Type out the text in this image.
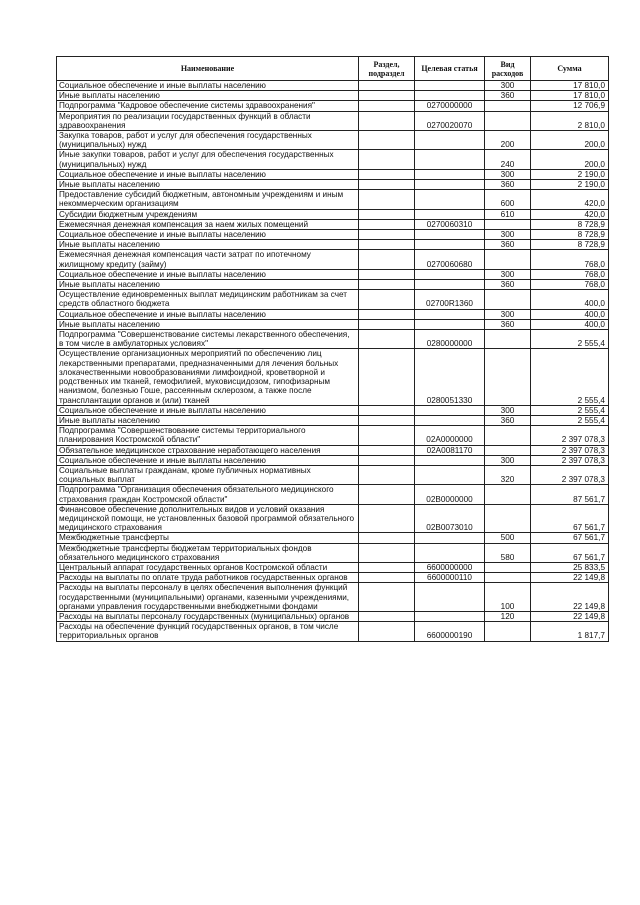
Наименование	Раздел, подраздел	Целевая статья	Вид расходов	Сумма
Социальное обеспечение и иные выплаты населению			300	17 810,0
Иные выплаты населению			360	17 810,0
Подпрограмма "Кадровое обеспечение системы здравоохранения"		0270000000		12 706,9
Мероприятия по реализации государственных функций в области здравоохранения		0270020070		2 810,0
Закупка товаров, работ и услуг для обеспечения государственных (муниципальных) нужд			200	200,0
Иные закупки товаров, работ и услуг для обеспечения государственных (муниципальных) нужд			240	200,0
Социальное обеспечение и иные выплаты населению			300	2 190,0
Иные выплаты населению			360	2 190,0
Предоставление субсидий бюджетным, автономным учреждениям и иным некоммерческим организациям			600	420,0
Субсидии бюджетным учреждениям			610	420,0
Ежемесячная денежная компенсация за наем жилых помещений		0270060310		8 728,9
Социальное обеспечение и иные выплаты населению			300	8 728,9
Иные выплаты населению			360	8 728,9
Ежемесячная денежная компенсация части затрат по ипотечному жилищному кредиту (займу)		0270060680		768,0
Социальное обеспечение и иные выплаты населению			300	768,0
Иные выплаты населению			360	768,0
Осуществление единовременных выплат медицинским работникам за счет средств областного бюджета		02700R1360		400,0
Социальное обеспечение и иные выплаты населению			300	400,0
Иные выплаты населению			360	400,0
Подпрограмма "Совершенствование системы лекарственного обеспечения, в том числе в амбулаторных условиях"		0280000000		2 555,4
Осуществление организационных мероприятий по обеспечению лиц лекарственными препаратами, предназначенными для лечения больных злокачественными новообразованиями лимфоидной, кроветворной и родственных им тканей, гемофилией, муковисцидозом, гипофизарным нанизмом, болезнью Гоше, рассеянным склерозом, а также после трансплантации органов и (или) тканей		0280051330		2 555,4
Социальное обеспечение и иные выплаты населению			300	2 555,4
Иные выплаты населению			360	2 555,4
Подпрограмма "Совершенствование системы территориального планирования Костромской области"		02А0000000		2 397 078,3
Обязательное медицинское страхование неработающего населения		02А0081170		2 397 078,3
Социальное обеспечение и иные выплаты населению			300	2 397 078,3
Социальные выплаты гражданам, кроме публичных нормативных социальных выплат			320	2 397 078,3
Подпрограмма "Организация обеспечения обязательного медицинского страхования граждан Костромской области"		02В0000000		87 561,7
Финансовое обеспечение дополнительных видов и условий оказания медицинской помощи, не установленных базовой программой обязательного медицинского страхования		02В0073010		67 561,7
Межбюджетные трансферты			500	67 561,7
Межбюджетные трансферты бюджетам территориальных фондов обязательного медицинского страхования			580	67 561,7
Центральный аппарат государственных органов Костромской области		6600000000		25 833,5
Расходы на выплаты по оплате труда работников государственных органов		6600000110		22 149,8
Расходы на выплаты персоналу в целях обеспечения выполнения функций государственными (муниципальными) органами, казенными учреждениями, органами управления государственными внебюджетными фондами			100	22 149,8
Расходы на выплаты персоналу государственных (муниципальных) органов			120	22 149,8
Расходы на обеспечение функций государственных органов, в том числе территориальных органов		6600000190		1 817,7
